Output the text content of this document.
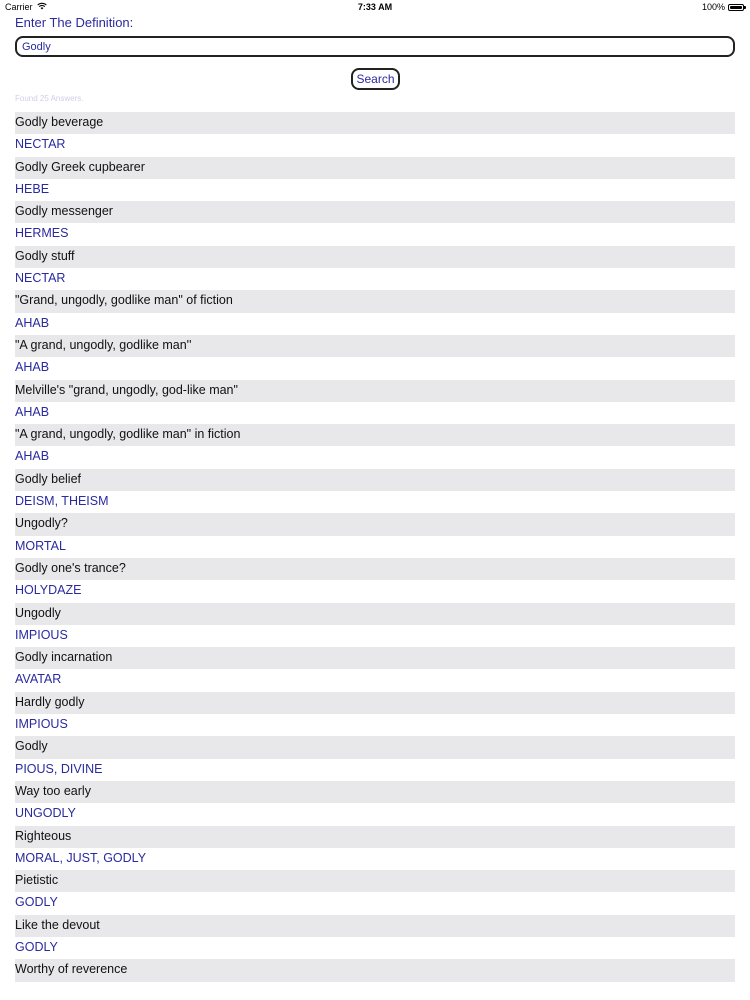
Carrier	7:33 AM	100%
Enter The Definition:
Godly
Search
Found 25 Answers.
Godly beverage
NECTAR
Godly Greek cupbearer
HEBE
Godly messenger
HERMES
Godly stuff
NECTAR
"Grand, ungodly, godlike man" of fiction
AHAB
"A grand, ungodly, godlike man''
AHAB
Melville's "grand, ungodly, god-like man"
AHAB
"A grand, ungodly, godlike man" in fiction
AHAB
Godly belief
DEISM, THEISM
Ungodly?
MORTAL
Godly one's trance?
HOLYDAZE
Ungodly
IMPIOUS
Godly incarnation
AVATAR
Hardly godly
IMPIOUS
Godly
PIOUS, DIVINE
Way too early
UNGODLY
Righteous
MORAL, JUST, GODLY
Pietistic
GODLY
Like the devout
GODLY
Worthy of reverence
